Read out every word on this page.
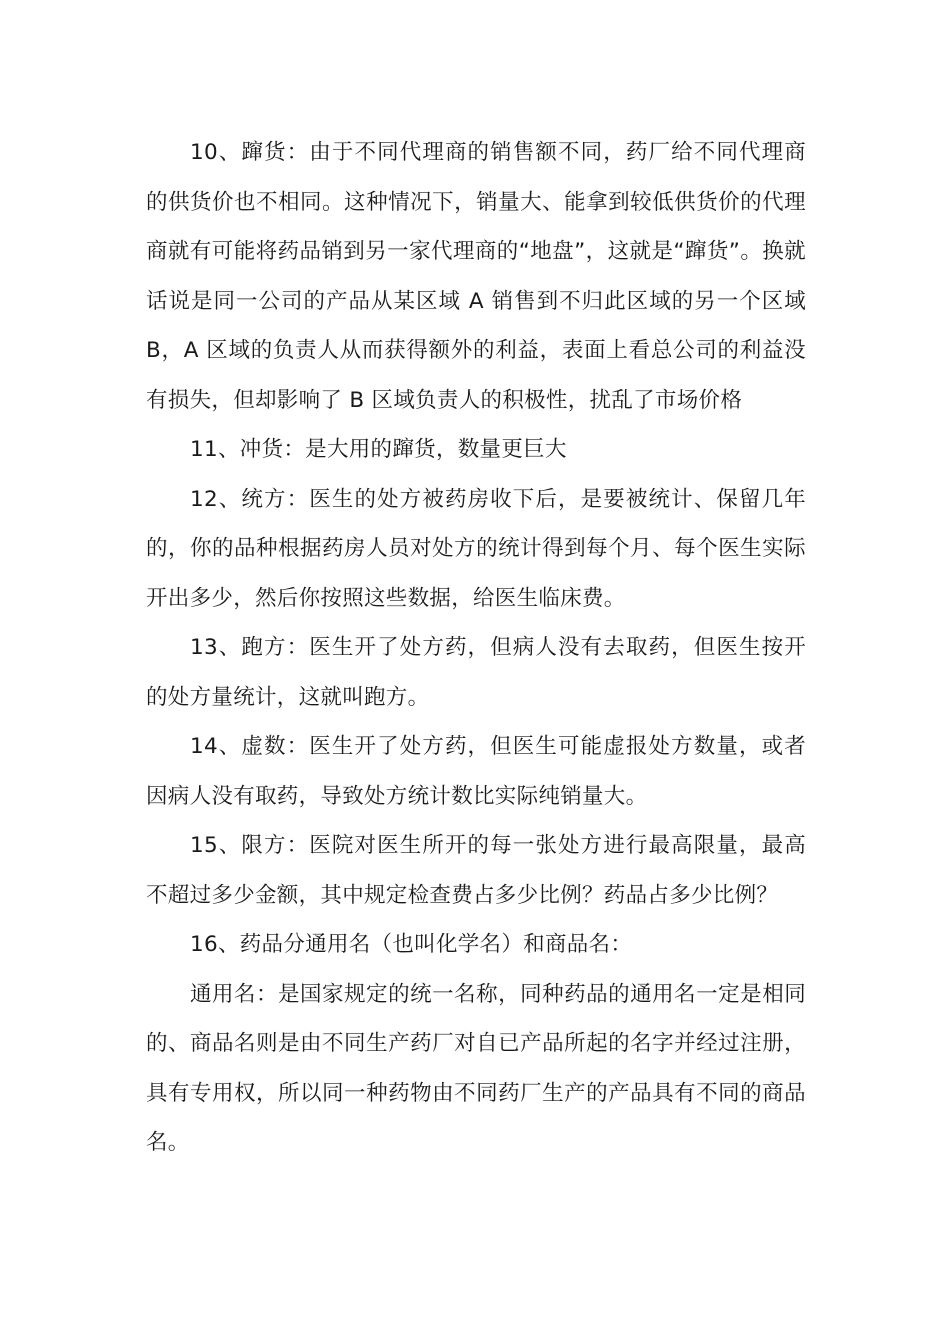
10、蹿货：由于不同代理商的销售额不同，药厂给不同代理商的供货价也不相同。这种情况下，销量大、能拿到较低供货价的代理商就有可能将药品销到另一家代理商的“地盘”，这就是“蹿货”。换就话说是同一公司的产品从某区域 A 销售到不归此区域的另一个区域 B，A 区域的负责人从而获得额外的利益，表面上看总公司的利益没有损失，但却影响了 B 区域负责人的积极性，扰乱了市场价格

11、冲货：是大用的蹿货，数量更巨大

12、统方：医生的处方被药房收下后，是要被统计、保留几年的，你的品种根据药房人员对处方的统计得到每个月、每个医生实际开出多少，然后你按照这些数据，给医生临床费。

13、跑方：医生开了处方药，但病人没有去取药，但医生按开的处方量统计，这就叫跑方。

14、虚数：医生开了处方药，但医生可能虚报处方数量，或者因病人没有取药，导致处方统计数比实际纯销量大。

15、限方：医院对医生所开的每一张处方进行最高限量，最高不超过多少金额，其中规定检查费占多少比例？药品占多少比例？

16、药品分通用名（也叫化学名）和商品名：

通用名：是国家规定的统一名称，同种药品的通用名一定是相同的、商品名则是由不同生产药厂对自已产品所起的名字并经过注册，具有专用权，所以同一种药物由不同药厂生产的产品具有不同的商品名。
